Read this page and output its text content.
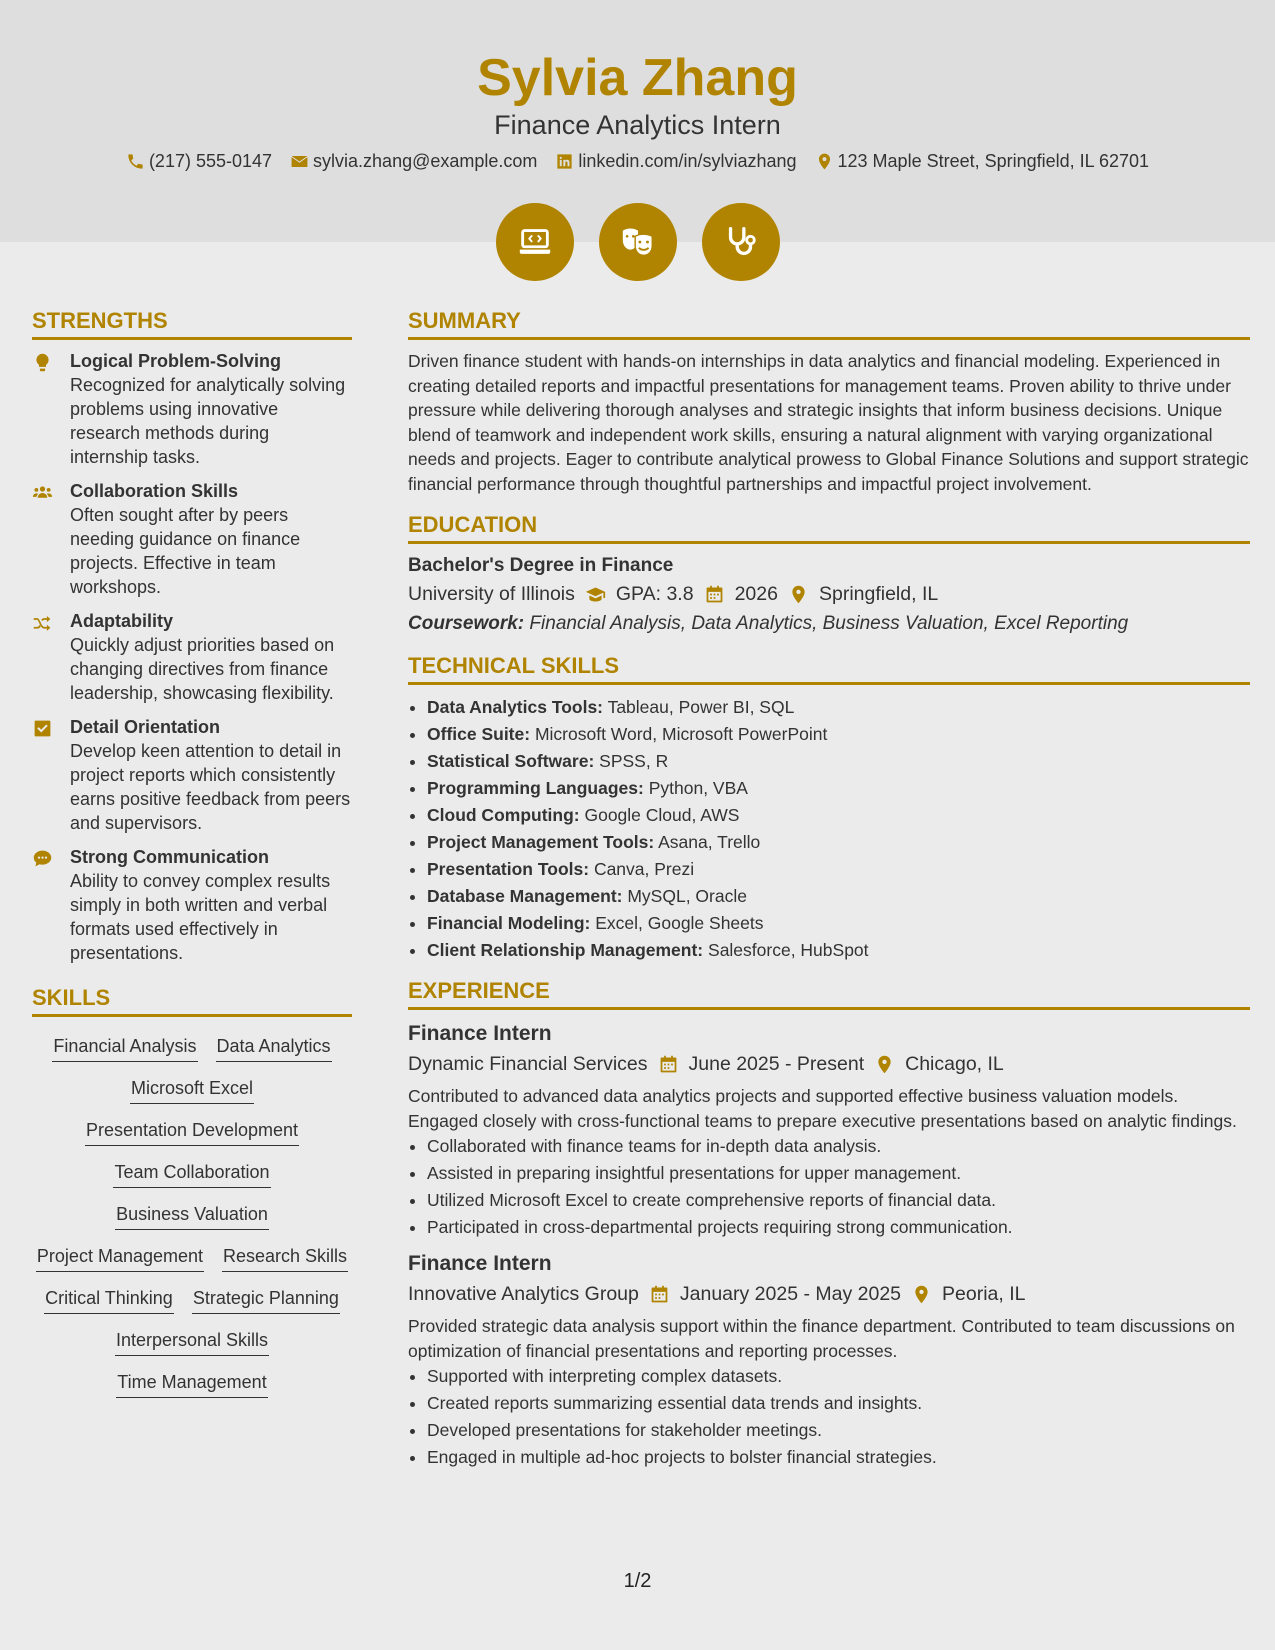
Sylvia Zhang
Finance Analytics Intern
(217) 555-0147 sylvia.zhang@example.com linkedin.com/in/sylviazhang 123 Maple Street, Springfield, IL 62701
STRENGTHS
Logical Problem-Solving
Recognized for analytically solving problems using innovative research methods during internship tasks.
Collaboration Skills
Often sought after by peers needing guidance on finance projects. Effective in team workshops.
Adaptability
Quickly adjust priorities based on changing directives from finance leadership, showcasing flexibility.
Detail Orientation
Develop keen attention to detail in project reports which consistently earns positive feedback from peers and supervisors.
Strong Communication
Ability to convey complex results simply in both written and verbal formats used effectively in presentations.
SKILLS
Financial Analysis Data Analytics
Microsoft Excel
Presentation Development
Team Collaboration
Business Valuation
Project Management Research Skills
Critical Thinking Strategic Planning
Interpersonal Skills
Time Management
SUMMARY
Driven finance student with hands-on internships in data analytics and financial modeling. Experienced in creating detailed reports and impactful presentations for management teams. Proven ability to thrive under pressure while delivering thorough analyses and strategic insights that inform business decisions. Unique blend of teamwork and independent work skills, ensuring a natural alignment with varying organizational needs and projects. Eager to contribute analytical prowess to Global Finance Solutions and support strategic financial performance through thoughtful partnerships and impactful project involvement.
EDUCATION
Bachelor's Degree in Finance
University of Illinois GPA: 3.8 2026 Springfield, IL
Coursework: Financial Analysis, Data Analytics, Business Valuation, Excel Reporting
TECHNICAL SKILLS
• Data Analytics Tools: Tableau, Power BI, SQL
• Office Suite: Microsoft Word, Microsoft PowerPoint
• Statistical Software: SPSS, R
• Programming Languages: Python, VBA
• Cloud Computing: Google Cloud, AWS
• Project Management Tools: Asana, Trello
• Presentation Tools: Canva, Prezi
• Database Management: MySQL, Oracle
• Financial Modeling: Excel, Google Sheets
• Client Relationship Management: Salesforce, HubSpot
EXPERIENCE
Finance Intern
Dynamic Financial Services June 2025 - Present Chicago, IL
Contributed to advanced data analytics projects and supported effective business valuation models. Engaged closely with cross-functional teams to prepare executive presentations based on analytic findings.
• Collaborated with finance teams for in-depth data analysis.
• Assisted in preparing insightful presentations for upper management.
• Utilized Microsoft Excel to create comprehensive reports of financial data.
• Participated in cross-departmental projects requiring strong communication.
Finance Intern
Innovative Analytics Group January 2025 - May 2025 Peoria, IL
Provided strategic data analysis support within the finance department. Contributed to team discussions on optimization of financial presentations and reporting processes.
• Supported with interpreting complex datasets.
• Created reports summarizing essential data trends and insights.
• Developed presentations for stakeholder meetings.
• Engaged in multiple ad-hoc projects to bolster financial strategies.
1/2
